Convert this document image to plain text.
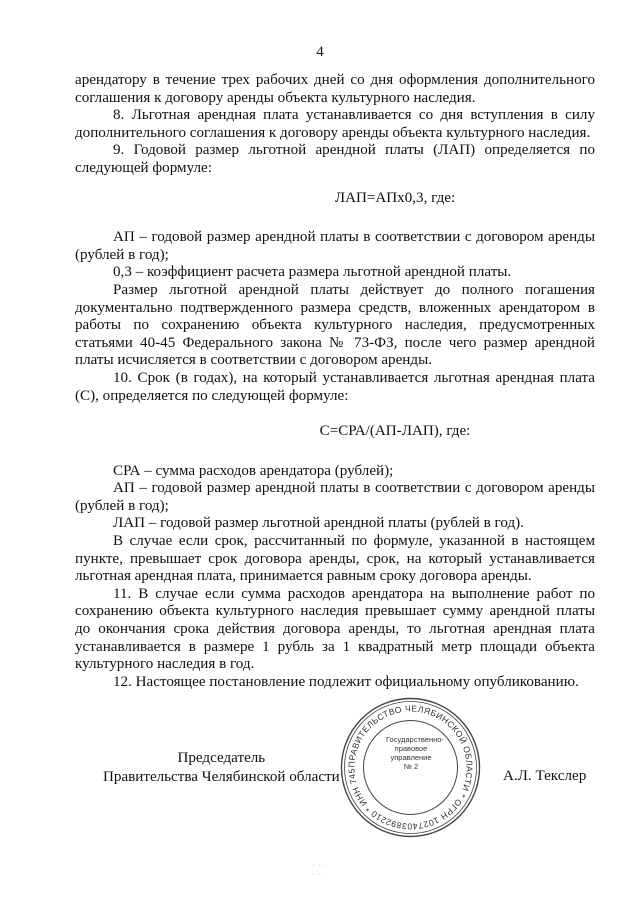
4

арендатору в течение трех рабочих дней со дня оформления дополнительного соглашения к договору аренды объекта культурного наследия.

8. Льготная арендная плата устанавливается со дня вступления в силу дополнительного соглашения к договору аренды объекта культурного наследия.

9. Годовой размер льготной арендной платы (ЛАП) определяется по следующей формуле:

ЛАП=АПх0,3, где:

АП – годовой размер арендной платы в соответствии с договором аренды (рублей в год);

0,3 – коэффициент расчета размера льготной арендной платы.

Размер льготной арендной платы действует до полного погашения документально подтвержденного размера средств, вложенных арендатором в работы по сохранению объекта культурного наследия, предусмотренных статьями 40-45 Федерального закона № 73-ФЗ, после чего размер арендной платы исчисляется в соответствии с договором аренды.

10. Срок (в годах), на который устанавливается льготная арендная плата (С), определяется по следующей формуле:

С=СРА/(АП-ЛАП), где:

СРА – сумма расходов арендатора (рублей);

АП – годовой размер арендной платы в соответствии с договором аренды (рублей в год);

ЛАП – годовой размер льготной арендной платы (рублей в год).

В случае если срок, рассчитанный по формуле, указанной в настоящем пункте, превышает срок договора аренды, срок, на который устанавливается льготная арендная плата, принимается равным сроку договора аренды.

11. В случае если сумма расходов арендатора на выполнение работ по сохранению объекта культурного наследия превышает сумму арендной платы до окончания срока действия договора аренды, то льготная арендная плата устанавливается в размере 1 рубль за 1 квадратный метр площади объекта культурного наследия в год.

12. Настоящее постановление подлежит официальному опубликованию.

Председатель
Правительства Челябинской области
ПРАВИТЕЛЬСТВО ЧЕЛЯБИНСКОЙ ОБЛАСТИ * ОГРН 1027403892210 * ИНН 745
Государственно-
правовое
управление
№ 2
А.Л. Текслер
...
...
